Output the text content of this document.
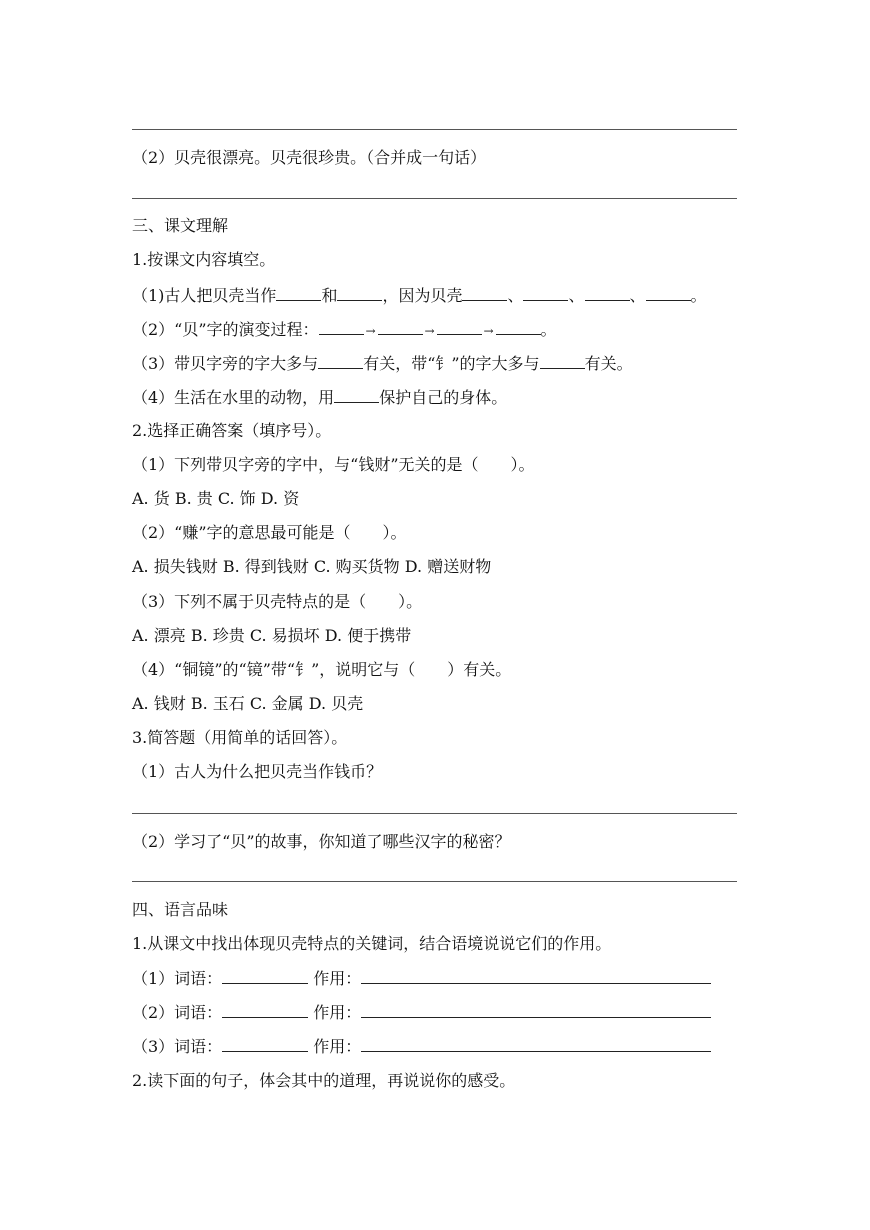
（2）贝壳很漂亮。贝壳很珍贵。（合并成一句话）
三、课文理解
1.按课文内容填空。
（1)古人把贝壳当作	和	，因为贝壳	、	、	、	。
（2）“贝”字的演变过程：	→	→	→	。
（3）带贝字旁的字大多与	有关，带“钅”的字大多与	有关。
（4）生活在水里的动物，用	保护自己的身体。
2.选择正确答案（填序号）。
（1）下列带贝字旁的字中，与“钱财”无关的是（　　）。
A. 货 B. 贵 C. 饰 D. 资
（2）“赚”字的意思最可能是（　　）。
A. 损失钱财 B. 得到钱财 C. 购买货物 D. 赠送财物
（3）下列不属于贝壳特点的是（　　）。
A. 漂亮 B. 珍贵 C. 易损坏 D. 便于携带
（4）“铜镜”的“镜”带“钅”，说明它与（　　）有关。
A. 钱财 B. 玉石 C. 金属 D. 贝壳
3.简答题（用简单的话回答）。
（1）古人为什么把贝壳当作钱币？
（2）学习了“贝”的故事，你知道了哪些汉字的秘密？
四、语言品味
1.从课文中找出体现贝壳特点的关键词，结合语境说说它们的作用。
（1）词语：	作用：
（2）词语：	作用：
（3）词语：	作用：
2.读下面的句子，体会其中的道理，再说说你的感受。
